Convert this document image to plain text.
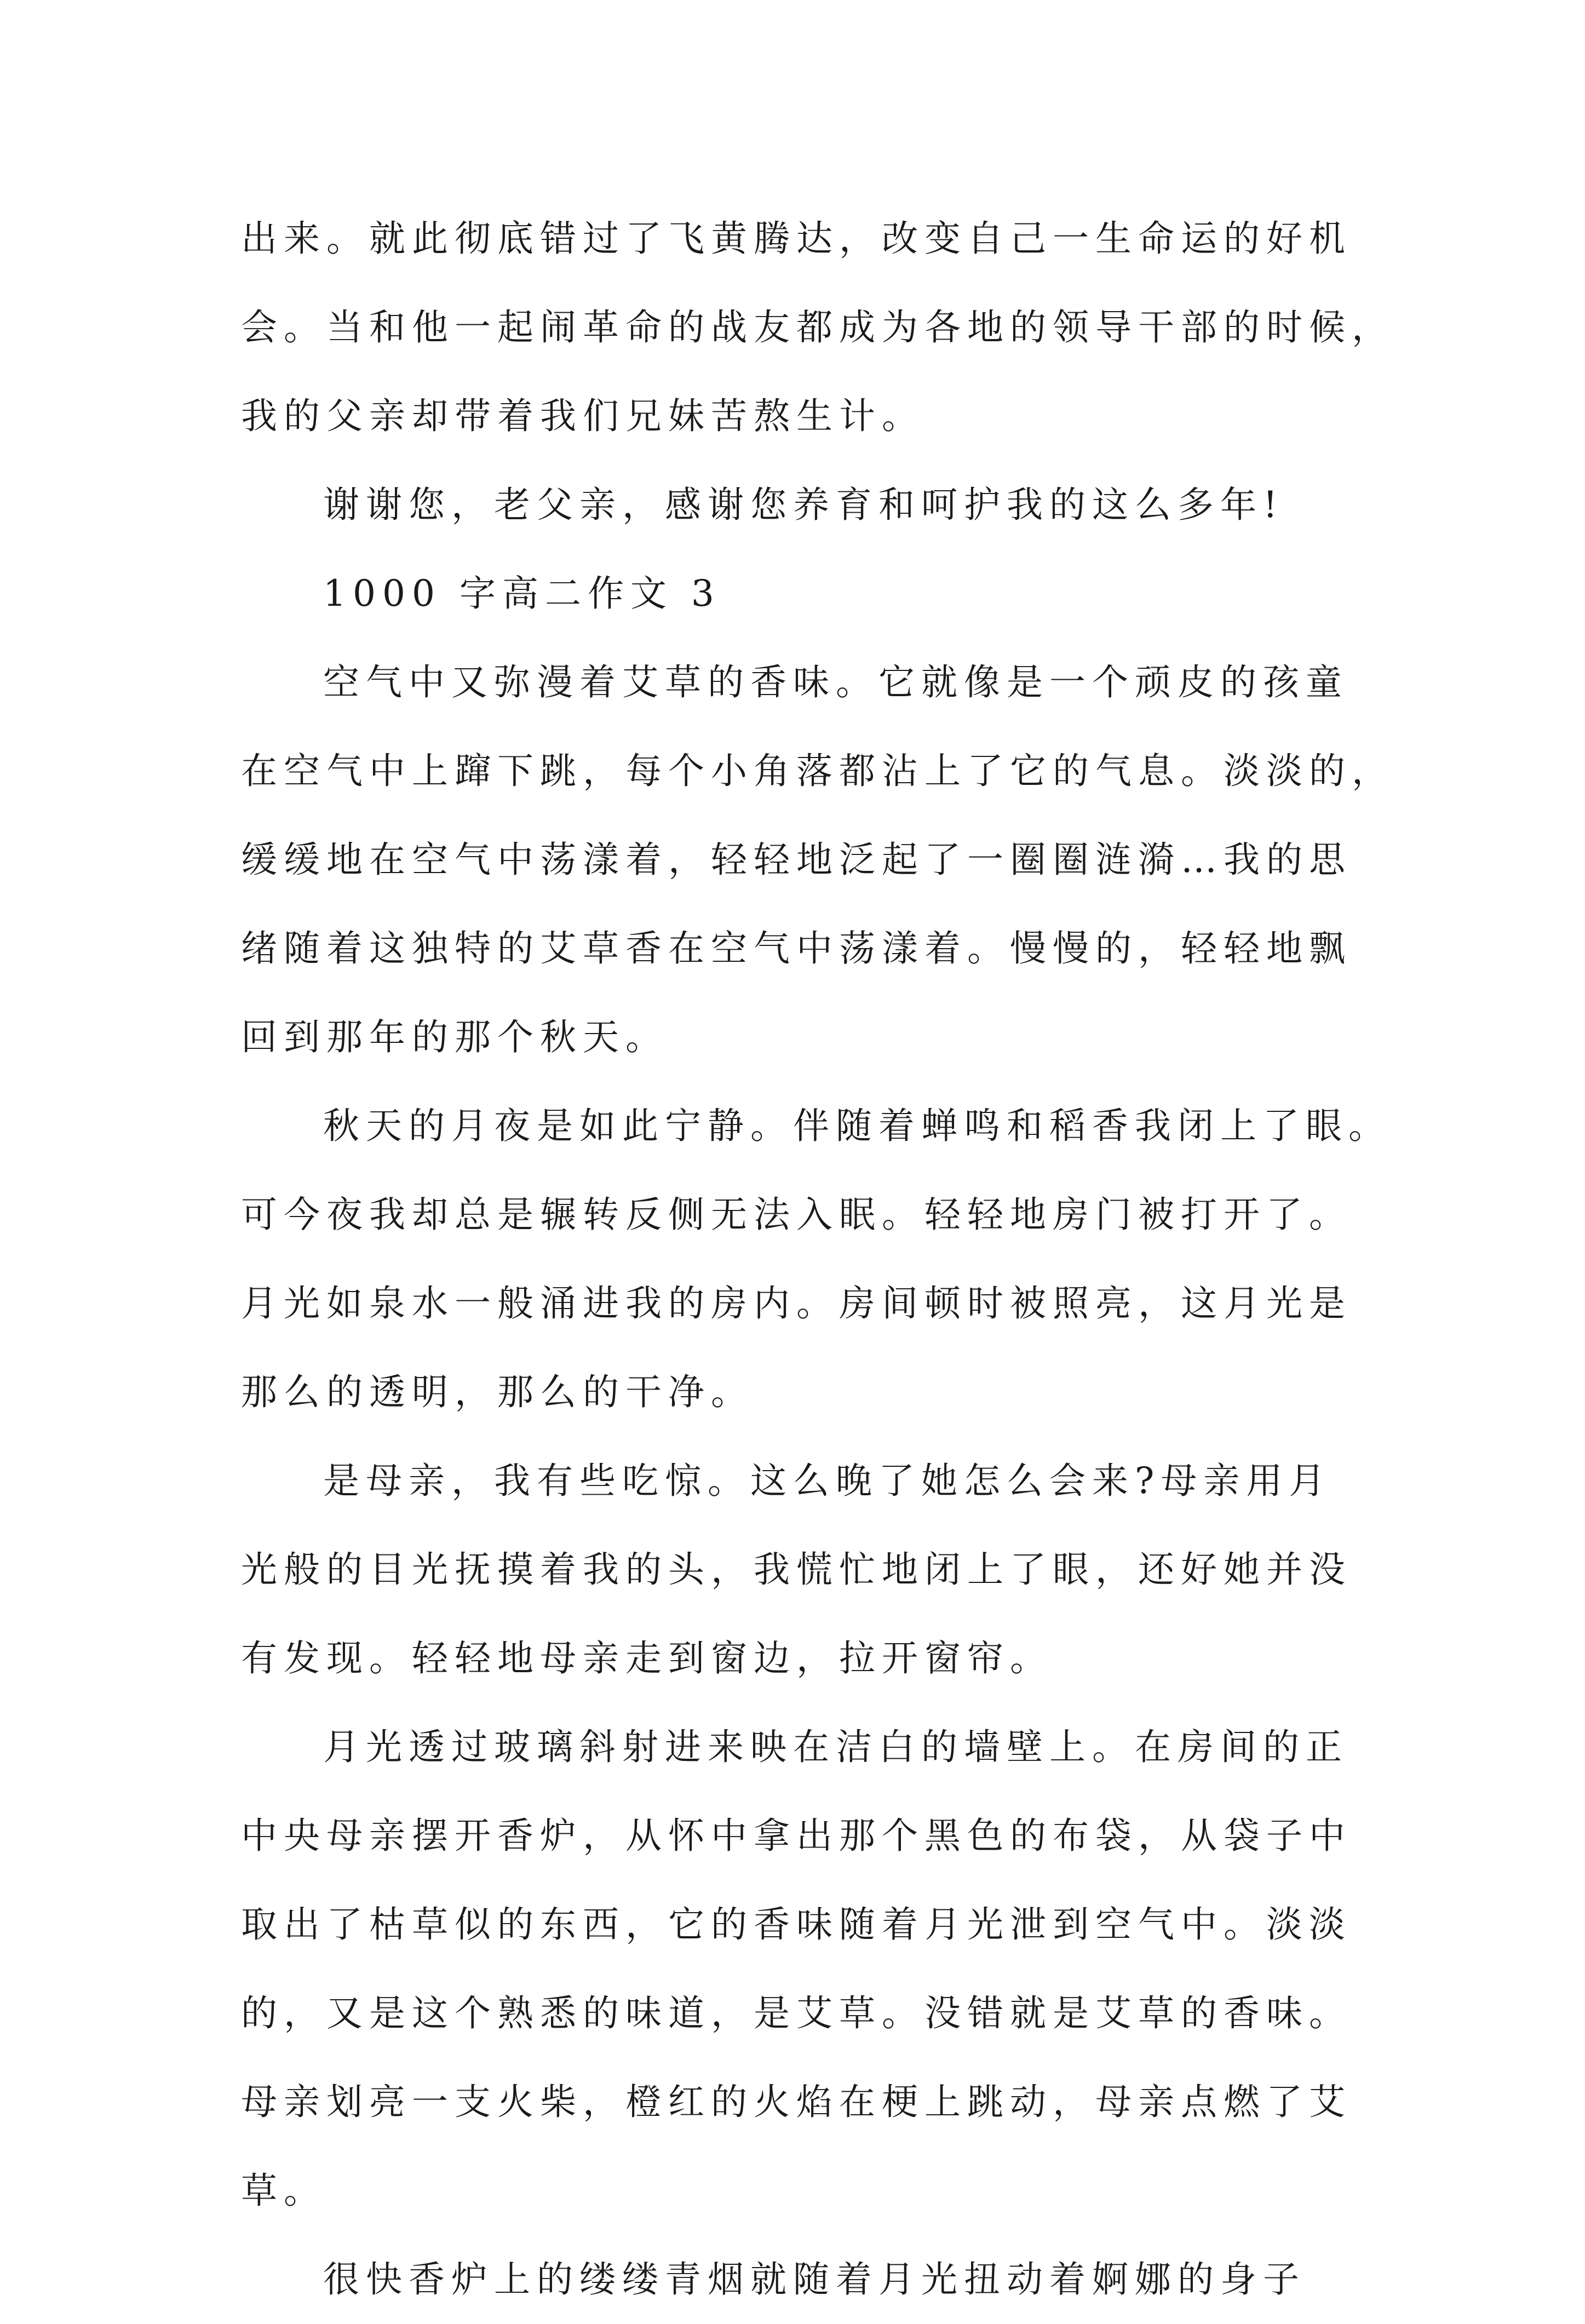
出来。就此彻底错过了飞黄腾达，改变自己一生命运的好机
会。当和他一起闹革命的战友都成为各地的领导干部的时候，
我的父亲却带着我们兄妹苦熬生计。
谢谢您，老父亲，感谢您养育和呵护我的这么多年!
1000 字高二作文 3
空气中又弥漫着艾草的香味。它就像是一个顽皮的孩童
在空气中上蹿下跳，每个小角落都沾上了它的气息。淡淡的，
缓缓地在空气中荡漾着，轻轻地泛起了一圈圈涟漪…我的思
绪随着这独特的艾草香在空气中荡漾着。慢慢的，轻轻地飘
回到那年的那个秋天。
秋天的月夜是如此宁静。伴随着蝉鸣和稻香我闭上了眼。
可今夜我却总是辗转反侧无法入眠。轻轻地房门被打开了。
月光如泉水一般涌进我的房内。房间顿时被照亮，这月光是
那么的透明，那么的干净。
是母亲，我有些吃惊。这么晚了她怎么会来?母亲用月
光般的目光抚摸着我的头，我慌忙地闭上了眼，还好她并没
有发现。轻轻地母亲走到窗边，拉开窗帘。
月光透过玻璃斜射进来映在洁白的墙壁上。在房间的正
中央母亲摆开香炉，从怀中拿出那个黑色的布袋，从袋子中
取出了枯草似的东西，它的香味随着月光泄到空气中。淡淡
的，又是这个熟悉的味道，是艾草。没错就是艾草的香味。
母亲划亮一支火柴，橙红的火焰在梗上跳动，母亲点燃了艾
草。
很快香炉上的缕缕青烟就随着月光扭动着婀娜的身子
